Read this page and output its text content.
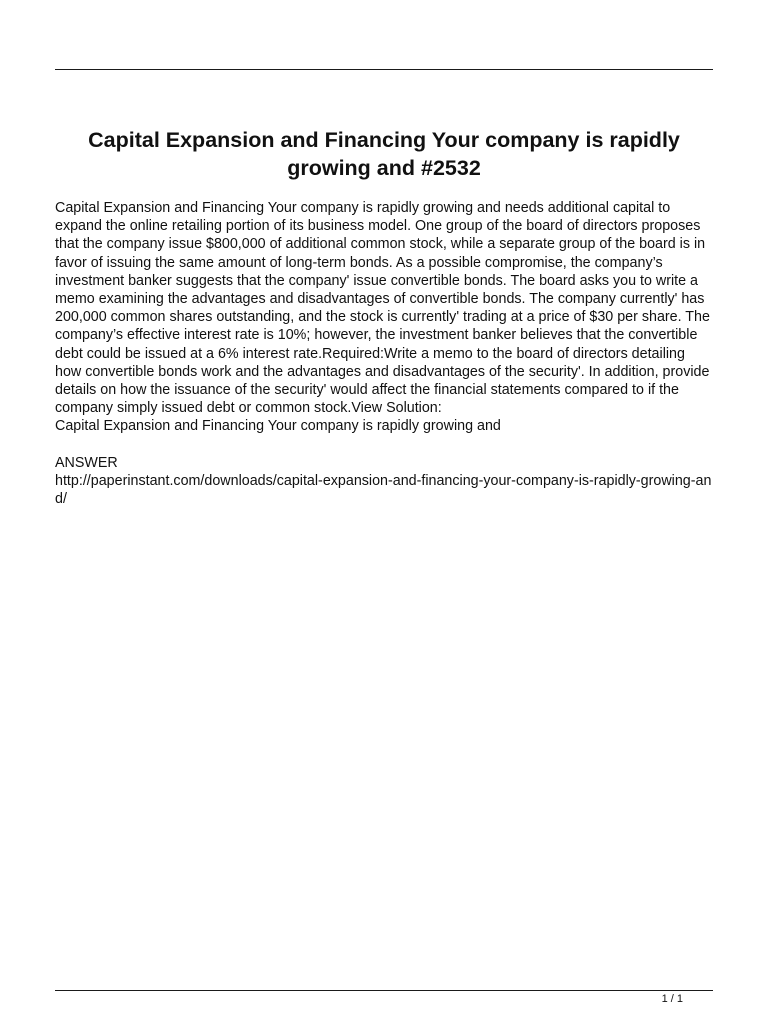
Capital Expansion and Financing Your company is rapidly growing and #2532

Capital Expansion and Financing Your company is rapidly growing and needs additional capital to expand the online retailing portion of its business model. One group of the board of directors proposes that the company issue $800,000 of additional common stock, while a separate group of the board is in favor of issuing the same amount of long-term bonds. As a possible compromise, the company’s investment banker suggests that the company' issue convertible bonds. The board asks you to write a memo examining the advantages and disadvantages of convertible bonds. The company currently' has 200,000 common shares outstanding, and the stock is currently' trading at a price of $30 per share. The company’s effective interest rate is 10%; however, the investment banker believes that the convertible debt could be issued at a 6% interest rate.Required:Write a memo to the board of directors detailing how convertible bonds work and the advantages and disadvantages of the security'. In addition, provide details on how the issuance of the security' would affect the financial statements compared to if the company simply issued debt or common stock.View Solution:

Capital Expansion and Financing Your company is rapidly growing and

ANSWER

http://paperinstant.com/downloads/capital-expansion-and-financing-your-company-is-rapidly-growing-and/

1 / 1
